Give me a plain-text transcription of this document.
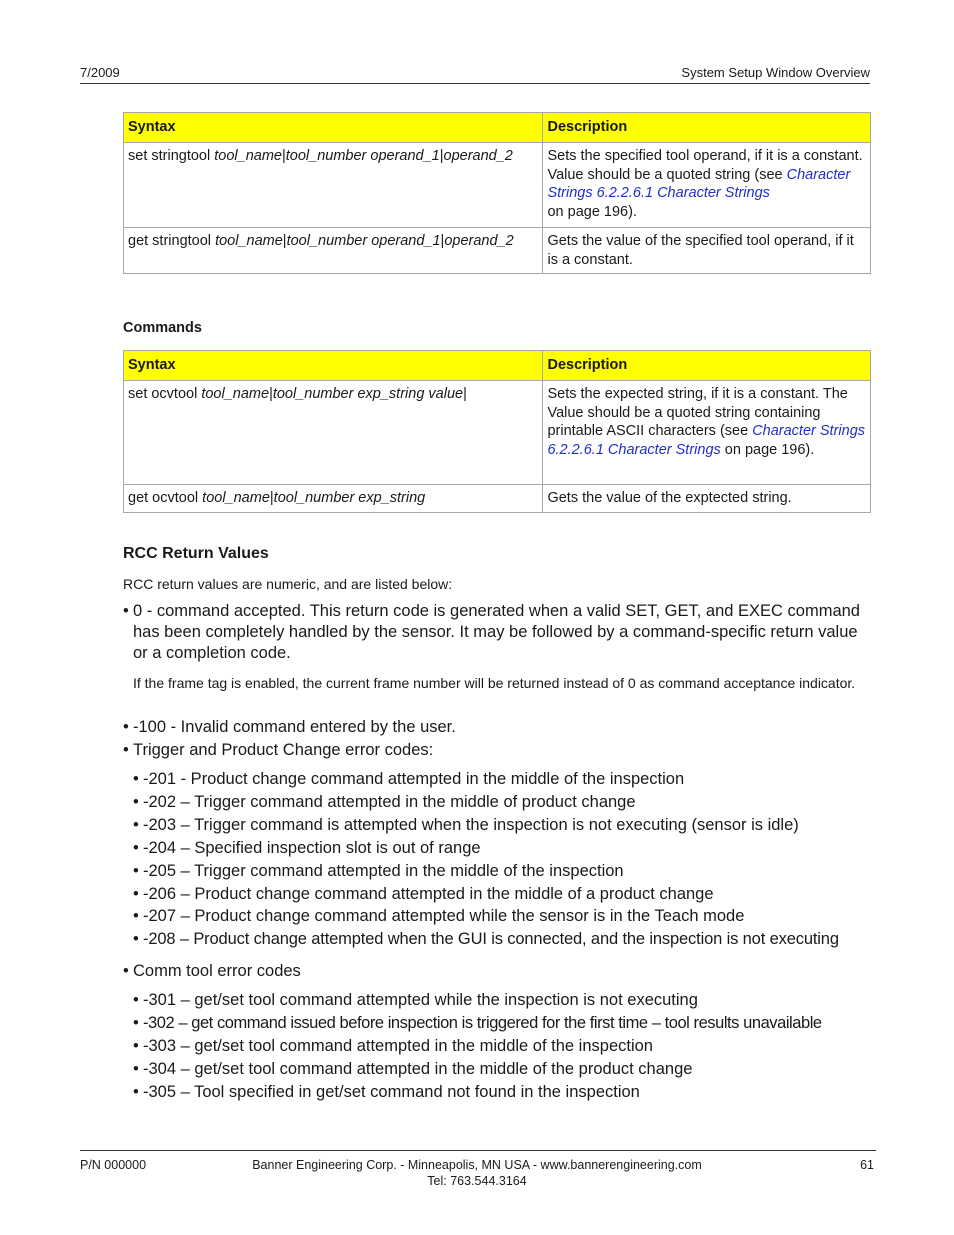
7/2009	System Setup Window Overview
Syntax	Description
set stringtool tool_name|tool_number operand_1|operand_2	Sets the specified tool operand, if it is a constant. Value should be a quoted string (see Character Strings 6.2.2.6.1 Character Strings
on page 196).
get stringtool tool_name|tool_number operand_1|operand_2	Gets the value of the specified tool operand, if it is a constant.
Commands
Syntax	Description
set ocvtool tool_name|tool_number exp_string value|	Sets the expected string, if it is a constant. The Value should be a quoted string containing printable ASCII characters (see Character Strings 6.2.2.6.1 Character Strings on page 196).
get ocvtool tool_name|tool_number exp_string	Gets the value of the exptected string.
RCC Return Values
RCC return values are numeric, and are listed below:
• 0 - command accepted. This return code is generated when a valid SET, GET, and EXEC command
has been completely handled by the sensor. It may be followed by a command-specific return value
or a completion code.
If the frame tag is enabled, the current frame number will be returned instead of 0 as command acceptance indicator.
• -100 - Invalid command entered by the user.
• Trigger and Product Change error codes:
• -201 - Product change command attempted in the middle of the inspection
• -202 – Trigger command attempted in the middle of product change
• -203 – Trigger command is attempted when the inspection is not executing (sensor is idle)
• -204 – Specified inspection slot is out of range
• -205 – Trigger command attempted in the middle of the inspection
• -206 – Product change command attempted in the middle of a product change
• -207 – Product change command attempted while the sensor is in the Teach mode
• -208 – Product change attempted when the GUI is connected, and the inspection is not executing
• Comm tool error codes
• -301 – get/set tool command attempted while the inspection is not executing
• -302 – get command issued before inspection is triggered for the first time – tool results unavailable
• -303 – get/set tool command attempted in the middle of the inspection
• -304 – get/set tool command attempted in the middle of the product change
• -305 – Tool specified in get/set command not found in the inspection
P/N 000000	Banner Engineering Corp. - Minneapolis, MN USA - www.bannerengineering.com
Tel: 763.544.3164
61
